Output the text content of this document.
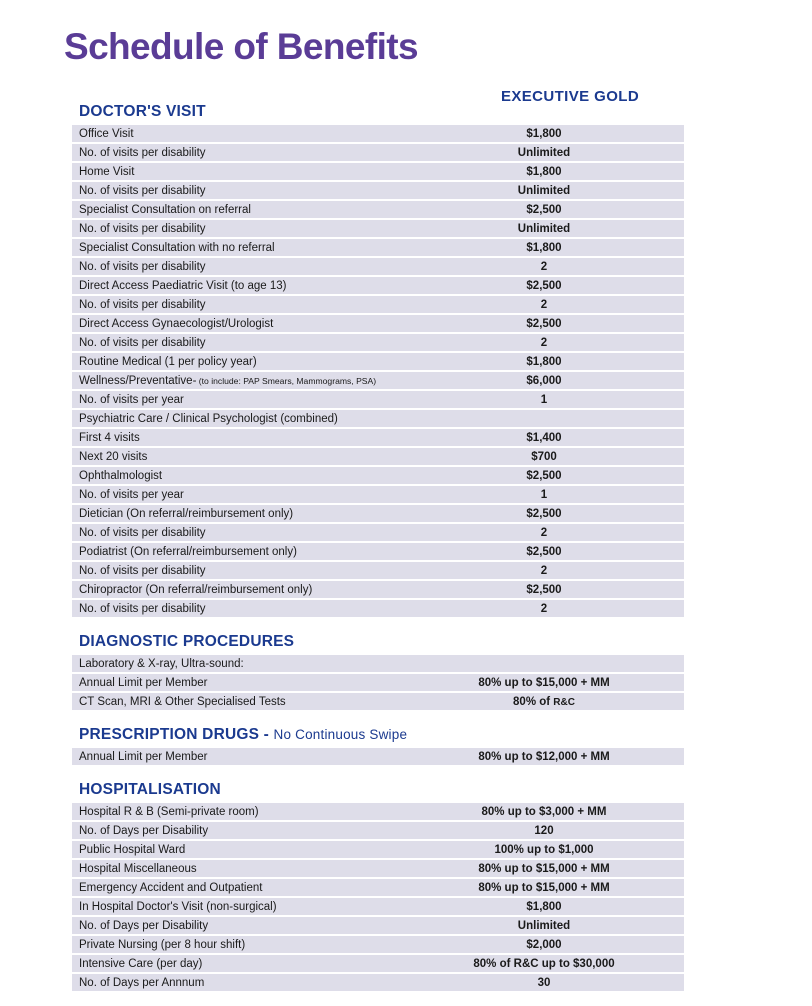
Schedule of Benefits
EXECUTIVE GOLD
DOCTOR'S VISIT
Office Visit	$1,800
No. of visits per disability	Unlimited
Home Visit	$1,800
No. of visits per disability	Unlimited
Specialist Consultation on referral	$2,500
No. of visits per disability	Unlimited
Specialist Consultation with no referral	$1,800
No. of visits per disability	2
Direct Access Paediatric Visit (to age 13)	$2,500
No. of visits per disability	2
Direct Access Gynaecologist/Urologist	$2,500
No. of visits per disability	2
Routine Medical (1 per policy year)	$1,800
Wellness/Preventative- (to include: PAP Smears, Mammograms, PSA)	$6,000
No. of visits per year	1
Psychiatric Care / Clinical Psychologist (combined)
First 4 visits	$1,400
Next 20 visits	$700
Ophthalmologist	$2,500
No. of visits per year	1
Dietician (On referral/reimbursement only)	$2,500
No. of visits per disability	2
Podiatrist (On referral/reimbursement only)	$2,500
No. of visits per disability	2
Chiropractor (On referral/reimbursement only)	$2,500
No. of visits per disability	2
DIAGNOSTIC PROCEDURES
Laboratory & X-ray, Ultra-sound:
Annual Limit per Member	80% up to $15,000 + MM
CT Scan, MRI & Other Specialised Tests	80% of R&C
PRESCRIPTION DRUGS - No Continuous Swipe
Annual Limit per Member	80% up to $12,000 + MM
HOSPITALISATION
Hospital R & B (Semi-private room)	80% up to $3,000 + MM
No. of Days per Disability	120
Public Hospital Ward	100% up to $1,000
Hospital Miscellaneous	80% up to $15,000 + MM
Emergency Accident and Outpatient	80% up to $15,000 + MM
In Hospital Doctor's Visit (non-surgical)	$1,800
No. of Days per Disability	Unlimited
Private Nursing (per 8 hour shift)	$2,000
Intensive Care (per day)	80% of R&C up to $30,000
No. of Days per Annnum	30
